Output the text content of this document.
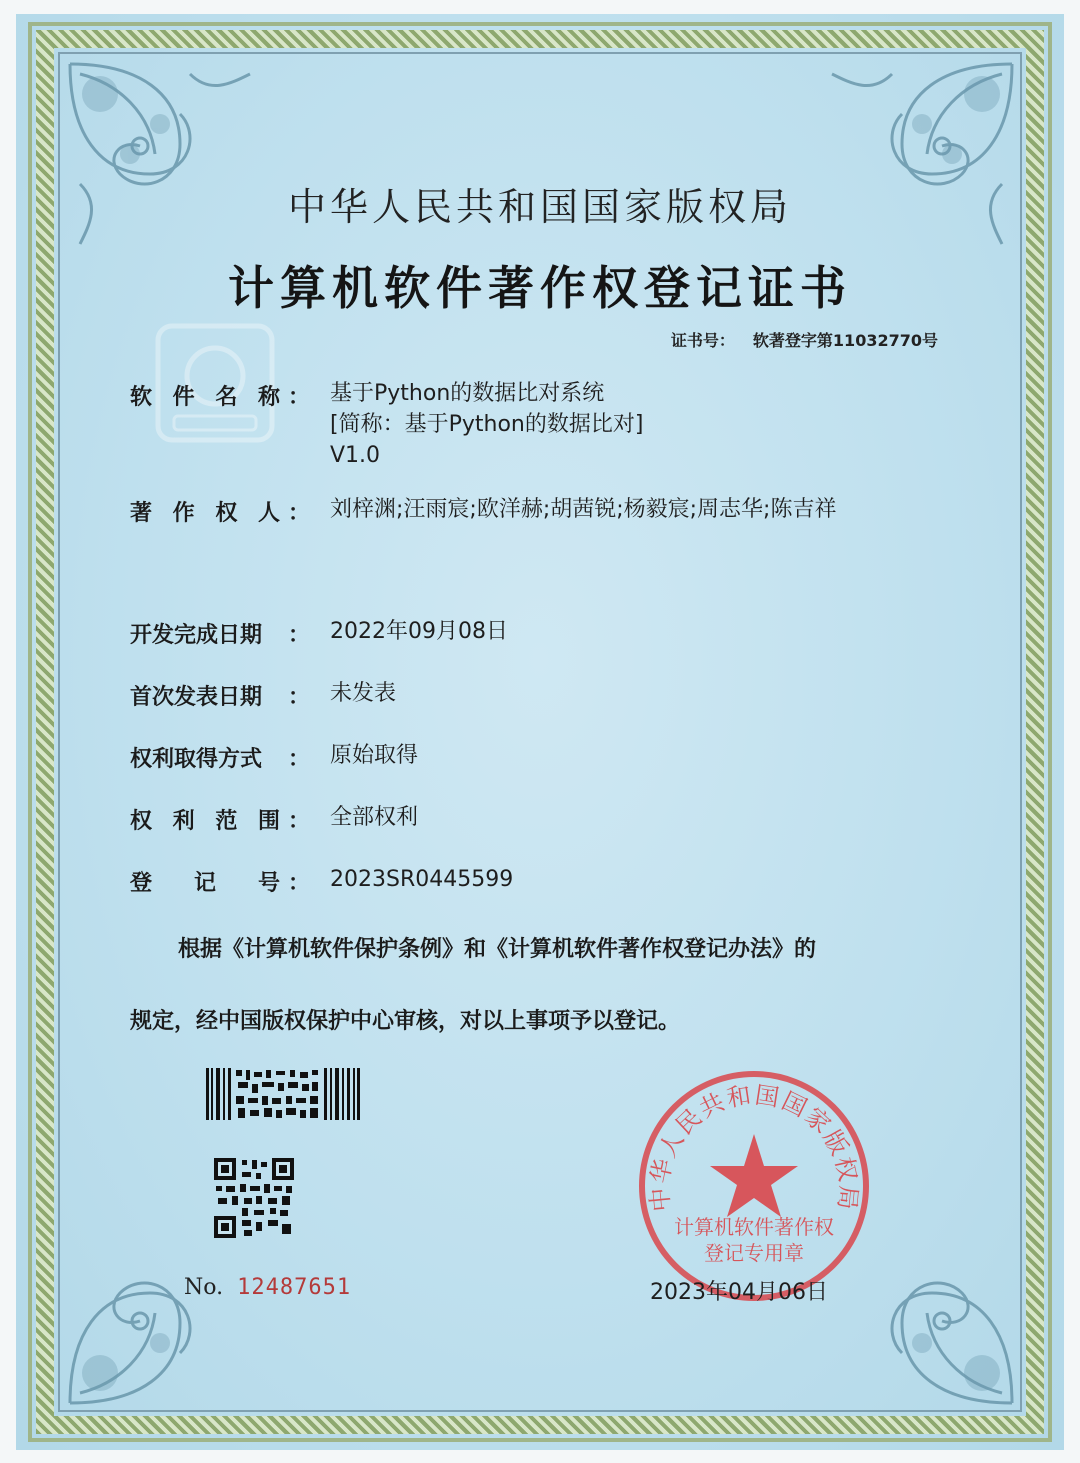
中华人民共和国国家版权局
计算机软件著作权登记证书
证书号： 软著登字第11032770号
软 件 名 称 ： 基于Python的数据比对系统
[简称：基于Python的数据比对]
V1.0
著 作 权 人 ： 刘梓渊;汪雨宸;欧洋赫;胡茜锐;杨毅宸;周志华;陈吉祥
开发完成日期	： 2022年09月08日
首次发表日期	： 未发表
权利取得方式	： 原始取得
权 利 范 围 ： 全部权利
登 记 号 ： 2023SR0445599

根据《计算机软件保护条例》和《计算机软件著作权登记办法》的

规定，经中国版权保护中心审核，对以上事项予以登记。

No. 12487651
中华人民共和国国家版权局
计算机软件著作权
登记专用章
2023年04月06日
